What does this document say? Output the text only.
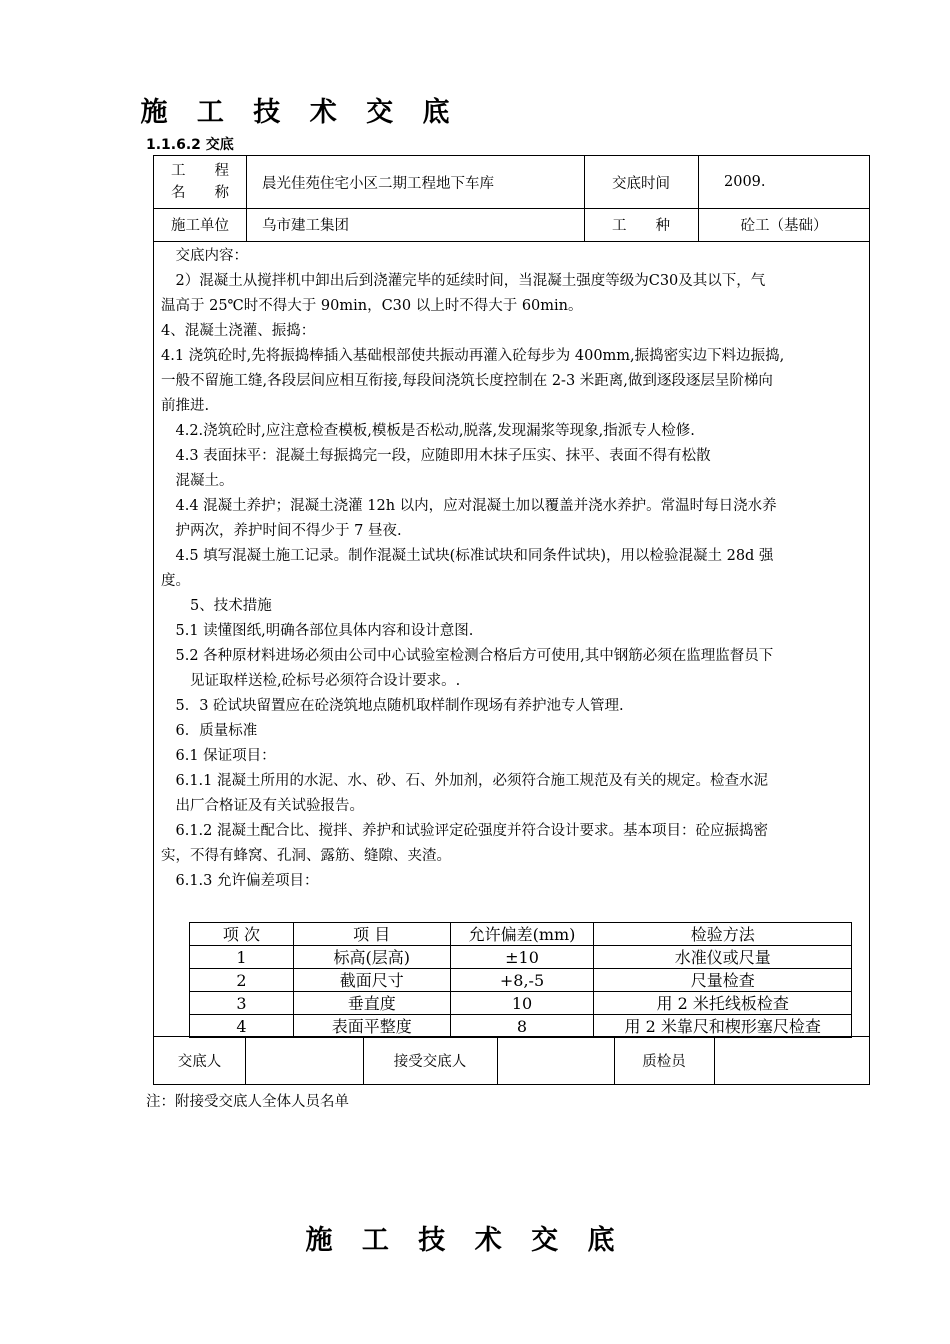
施 工 技 术 交 底
1.1.6.2 交底
工　　程
名　　称
晨光佳苑住宅小区二期工程地下车库	交底时间	2009.
施工单位	乌市建工集团	工　　种	砼工（基础）
　交底内容：
　2）混凝土从搅拌机中卸出后到浇灌完毕的延续时间，当混凝土强度等级为C30及其以下，气
温高于 25℃时不得大于 90min，C30 以上时不得大于 60min。
4、混凝土浇灌、振捣：
4.1 浇筑砼时,先将振捣棒插入基础根部使共振动再灌入砼每步为 400mm,振捣密实边下料边振捣,
一般不留施工缝,各段层间应相互衔接,每段间浇筑长度控制在 2-3 米距离,做到逐段逐层呈阶梯向
前推进.
　4.2.浇筑砼时,应注意检查模板,模板是否松动,脱落,发现漏浆等现象,指派专人检修.
　4.3 表面抹平：混凝土每振捣完一段，应随即用木抹子压实、抹平、表面不得有松散
　混凝土。
　4.4 混凝土养护；混凝土浇灌 12h 以内，应对混凝土加以覆盖并浇水养护。常温时每日浇水养
　护两次，养护时间不得少于 7 昼夜.
　4.5 填写混凝土施工记录。制作混凝土试块(标准试块和同条件试块)，用以检验混凝土 28d 强
度。
　　5、技术措施
　5.1 读懂图纸,明确各部位具体内容和设计意图.
　5.2 各种原材料进场必须由公司中心试验室检测合格后方可使用,其中钢筋必须在监理监督员下
　　见证取样送检,砼标号必须符合设计要求。.
　5．3 砼试块留置应在砼浇筑地点随机取样制作现场有养护池专人管理.
　6．质量标准
　6.1 保证项目：
　6.1.1 混凝土所用的水泥、水、砂、石、外加剂，必须符合施工规范及有关的规定。检查水泥
　出厂合格证及有关试验报告。
　6.1.2 混凝土配合比、搅拌、养护和试验评定砼强度并符合设计要求。基本项目：砼应振捣密
实，不得有蜂窝、孔洞、露筋、缝隙、夹渣。
　6.1.3 允许偏差项目：
项 次	项 目	允许偏差(mm)	检验方法
1	标高(层高)	±10	水准仪或尺量
2	截面尺寸	+8,-5	尺量检查
3	垂直度	10	用 2 米托线板检查
4	表面平整度	8	用 2 米靠尺和楔形塞尺检查
交底人	接受交底人	质检员
注：附接受交底人全体人员名单
施 工 技 术 交 底
